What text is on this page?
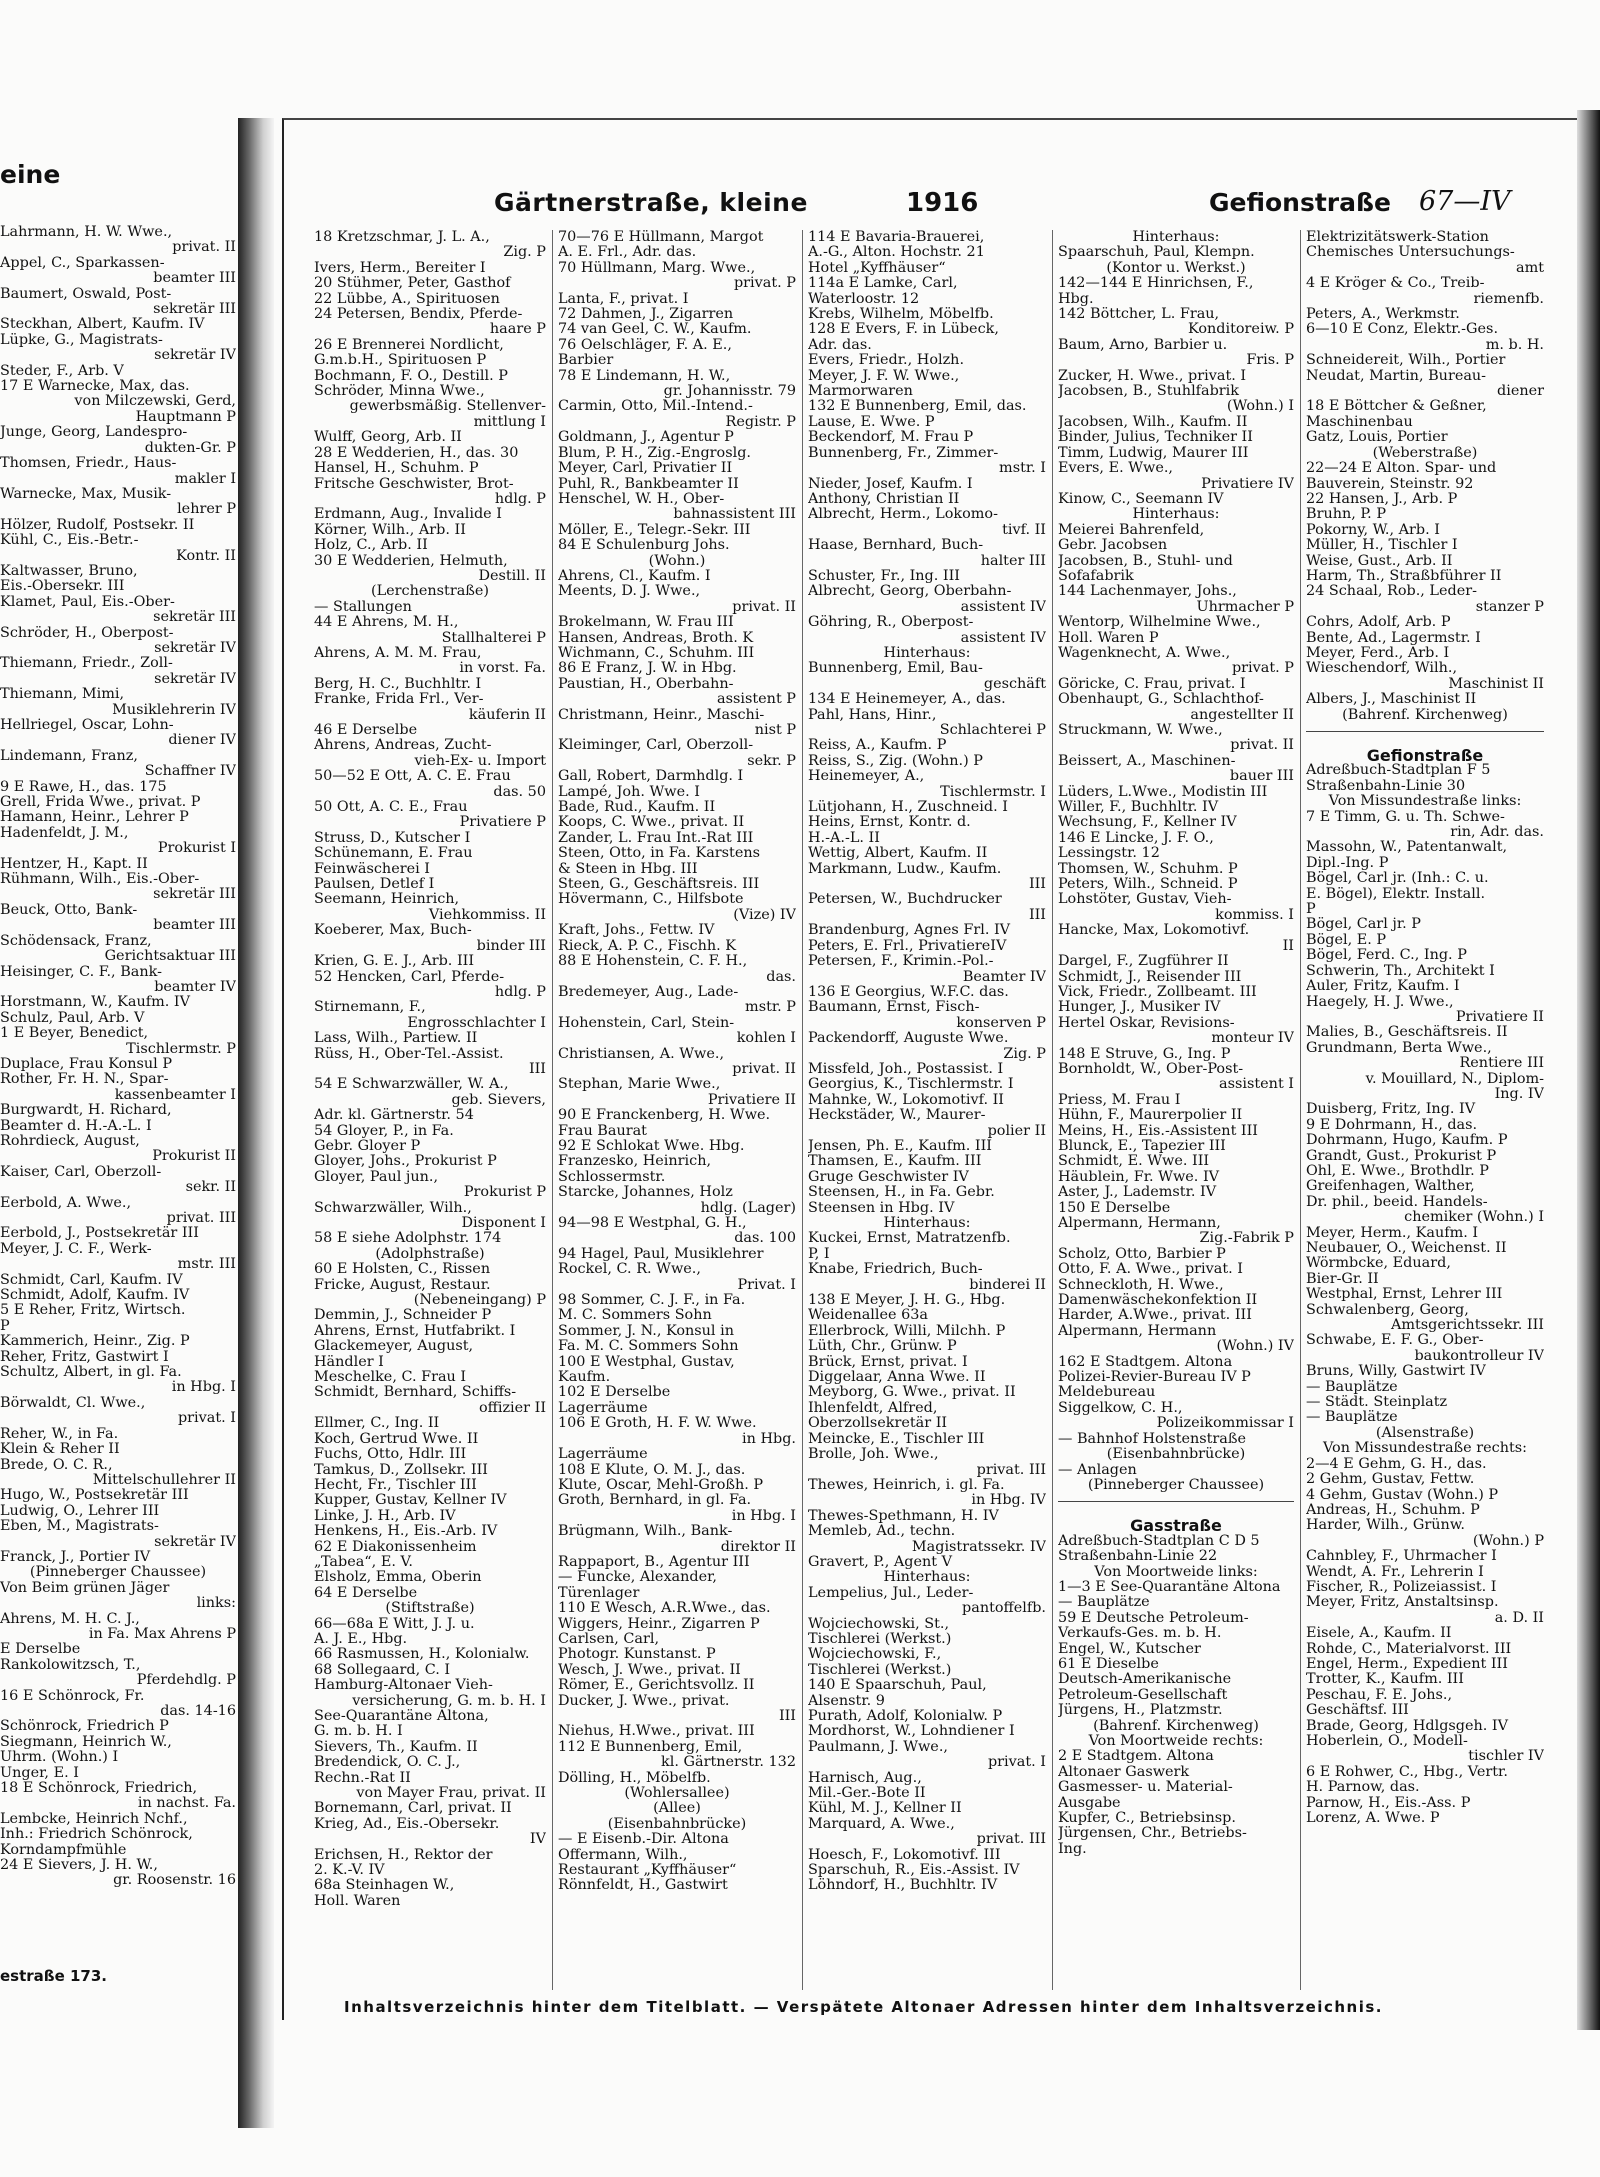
eine
Lahrmann, H. W. Wwe.,
privat. II
Appel, C., Sparkassen-
beamter III
Baumert, Oswald, Post-
sekretär III
Steckhan, Albert, Kaufm. IV
Lüpke, G., Magistrats-
sekretär IV
Steder, F., Arb. V
17 E Warnecke, Max, das.
von Milczewski, Gerd,
Hauptmann P
Junge, Georg, Landespro-
dukten-Gr. P
Thomsen, Friedr., Haus-
makler I
Warnecke, Max, Musik-
lehrer P
Hölzer, Rudolf, Postsekr. II
Kühl, C., Eis.-Betr.-
Kontr. II
Kaltwasser, Bruno,
Eis.-Obersekr. III
Klamet, Paul, Eis.-Ober-
sekretär III
Schröder, H., Oberpost-
sekretär IV
Thiemann, Friedr., Zoll-
sekretär IV
Thiemann, Mimi,
Musiklehrerin IV
Hellriegel, Oscar, Lohn-
diener IV
Lindemann, Franz,
Schaffner IV
9 E Rawe, H., das. 175
Grell, Frida Wwe., privat. P
Hamann, Heinr., Lehrer P
Hadenfeldt, J. M.,
Prokurist I
Hentzer, H., Kapt. II
Rühmann, Wilh., Eis.-Ober-
sekretär III
Beuck, Otto, Bank-
beamter III
Schödensack, Franz,
Gerichtsaktuar III
Heisinger, C. F., Bank-
beamter IV
Horstmann, W., Kaufm. IV
Schulz, Paul, Arb. V
1 E Beyer, Benedict,
Tischlermstr. P
Duplace, Frau Konsul P
Rother, Fr. H. N., Spar-
kassenbeamter I
Burgwardt, H. Richard,
Beamter d. H.-A.-L. I
Rohrdieck, August,
Prokurist II
Kaiser, Carl, Oberzoll-
sekr. II
Eerbold, A. Wwe.,
privat. III
Eerbold, J., Postsekretär III
Meyer, J. C. F., Werk-
mstr. III
Schmidt, Carl, Kaufm. IV
Schmidt, Adolf, Kaufm. IV
5 E Reher, Fritz, Wirtsch.
P
Kammerich, Heinr., Zig. P
Reher, Fritz, Gastwirt I
Schultz, Albert, in gl. Fa.
in Hbg. I
Börwaldt, Cl. Wwe.,
privat. I
Reher, W., in Fa.
Klein & Reher II
Brede, O. C. R.,
Mittelschullehrer II
Hugo, W., Postsekretär III
Ludwig, O., Lehrer III
Eben, M., Magistrats-
sekretär IV
Franck, J., Portier IV
(Pinneberger Chaussee)
Von Beim grünen Jäger
links:
Ahrens, M. H. C. J.,
in Fa. Max Ahrens P
E Derselbe
Rankolowitzsch, T.,
Pferdehdlg. P
16 E Schönrock, Fr.
das. 14-16
Schönrock, Friedrich P
Siegmann, Heinrich W.,
Uhrm. (Wohn.) I
Unger, E. I
18 E Schönrock, Friedrich,
in nachst. Fa.
Lembcke, Heinrich Nchf.,
Inh.: Friedrich Schönrock,
Korndampfmühle
24 E Sievers, J. H. W.,
gr. Roosenstr. 16
estraße 173.
Gärtnerstraße, kleine	1916	Gefionstraße 67—IV
18 Kretzschmar, J. L. A.,
Zig. P
Ivers, Herm., Bereiter I
20 Stühmer, Peter, Gasthof
22 Lübbe, A., Spirituosen
24 Petersen, Bendix, Pferde-
haare P
26 E Brennerei Nordlicht,
G.m.b.H., Spirituosen P
Bochmann, F. O., Destill. P
Schröder, Minna Wwe.,
gewerbsmäßig. Stellenver-
mittlung I
Wulff, Georg, Arb. II
28 E Wedderien, H., das. 30
Hansel, H., Schuhm. P
Fritsche Geschwister, Brot-
hdlg. P
Erdmann, Aug., Invalide I
Körner, Wilh., Arb. II
Holz, C., Arb. II
30 E Wedderien, Helmuth,
Destill. II
(Lerchenstraße)
— Stallungen
44 E Ahrens, M. H.,
Stallhalterei P
Ahrens, A. M. M. Frau,
in vorst. Fa.
Berg, H. C., Buchhltr. I
Franke, Frida Frl., Ver-
käuferin II
46 E Derselbe
Ahrens, Andreas, Zucht-
vieh-Ex- u. Import
50—52 E Ott, A. C. E. Frau
das. 50
50 Ott, A. C. E., Frau
Privatiere P
Struss, D., Kutscher I
Schünemann, E. Frau
Feinwäscherei I
Paulsen, Detlef I
Seemann, Heinrich,
Viehkommiss. II
Koeberer, Max, Buch-
binder III
Krien, G. E. J., Arb. III
52 Hencken, Carl, Pferde-
hdlg. P
Stirnemann, F.,
Engrosschlachter I
Lass, Wilh., Partiew. II
Rüss, H., Ober-Tel.-Assist.
III
54 E Schwarzwäller, W. A.,
geb. Sievers,
Adr. kl. Gärtnerstr. 54
54 Gloyer, P., in Fa.
Gebr. Gloyer P
Gloyer, Johs., Prokurist P
Gloyer, Paul jun.,
Prokurist P
Schwarzwäller, Wilh.,
Disponent I
58 E siehe Adolphstr. 174
(Adolphstraße)
60 E Holsten, C., Rissen
Fricke, August, Restaur.
(Nebeneingang) P
Demmin, J., Schneider P
Ahrens, Ernst, Hutfabrikt. I
Glackemeyer, August,
Händler I
Meschelke, C. Frau I
Schmidt, Bernhard, Schiffs-
offizier II
Ellmer, C., Ing. II
Koch, Gertrud Wwe. II
Fuchs, Otto, Hdlr. III
Tamkus, D., Zollsekr. III
Hecht, Fr., Tischler III
Kupper, Gustav, Kellner IV
Linke, J. H., Arb. IV
Henkens, H., Eis.-Arb. IV
62 E Diakonissenheim
„Tabea“, E. V.
Elsholz, Emma, Oberin
64 E Derselbe
(Stiftstraße)
66—68a E Witt, J. J. u.
A. J. E., Hbg.
66 Rasmussen, H., Kolonialw.
68 Sollegaard, C. I
Hamburg-Altonaer Vieh-
versicherung, G. m. b. H. I
See-Quarantäne Altona,
G. m. b. H. I
Sievers, Th., Kaufm. II
Bredendick, O. C. J.,
Rechn.-Rat II
von Mayer Frau, privat. II
Bornemann, Carl, privat. II
Krieg, Ad., Eis.-Obersekr.
IV
Erichsen, H., Rektor der
2. K.-V. IV
68a Steinhagen W.,
Holl. Waren
70—76 E Hüllmann, Margot
A. E. Frl., Adr. das.
70 Hüllmann, Marg. Wwe.,
privat. P
Lanta, F., privat. I
72 Dahmen, J., Zigarren
74 van Geel, C. W., Kaufm.
76 Oelschläger, F. A. E.,
Barbier
78 E Lindemann, H. W.,
gr. Johannisstr. 79
Carmin, Otto, Mil.-Intend.-
Registr. P
Goldmann, J., Agentur P
Blum, P. H., Zig.-Engroslg.
Meyer, Carl, Privatier II
Puhl, R., Bankbeamter II
Henschel, W. H., Ober-
bahnassistent III
Möller, E., Telegr.-Sekr. III
84 E Schulenburg Johs.
(Wohn.)
Ahrens, Cl., Kaufm. I
Meents, D. J. Wwe.,
privat. II
Brokelmann, W. Frau III
Hansen, Andreas, Broth. K
Wichmann, C., Schuhm. III
86 E Franz, J. W. in Hbg.
Paustian, H., Oberbahn-
assistent P
Christmann, Heinr., Maschi-
nist P
Kleiminger, Carl, Oberzoll-
sekr. P
Gall, Robert, Darmhdlg. I
Lampé, Joh. Wwe. I
Bade, Rud., Kaufm. II
Koops, C. Wwe., privat. II
Zander, L. Frau Int.-Rat III
Steen, Otto, in Fa. Karstens
& Steen in Hbg. III
Steen, G., Geschäftsreis. III
Hövermann, C., Hilfsbote
(Vize) IV
Kraft, Johs., Fettw. IV
Rieck, A. P. C., Fischh. K
88 E Hohenstein, C. F. H.,
das.
Bredemeyer, Aug., Lade-
mstr. P
Hohenstein, Carl, Stein-
kohlen I
Christiansen, A. Wwe.,
privat. II
Stephan, Marie Wwe.,
Privatiere II
90 E Franckenberg, H. Wwe.
Frau Baurat
92 E Schlokat Wwe. Hbg.
Franzesko, Heinrich,
Schlossermstr.
Starcke, Johannes, Holz
hdlg. (Lager)
94—98 E Westphal, G. H.,
das. 100
94 Hagel, Paul, Musiklehrer
Rockel, C. R. Wwe.,
Privat. I
98 Sommer, C. J. F., in Fa.
M. C. Sommers Sohn
Sommer, J. N., Konsul in
Fa. M. C. Sommers Sohn
100 E Westphal, Gustav,
Kaufm.
102 E Derselbe
Lagerräume
106 E Groth, H. F. W. Wwe.
in Hbg.
Lagerräume
108 E Klute, O. M. J., das.
Klute, Oscar, Mehl-Großh. P
Groth, Bernhard, in gl. Fa.
in Hbg. I
Brügmann, Wilh., Bank-
direktor II
Rappaport, B., Agentur III
— Funcke, Alexander,
Türenlager
110 E Wesch, A.R.Wwe., das.
Wiggers, Heinr., Zigarren P
Carlsen, Carl,
Photogr. Kunstanst. P
Wesch, J. Wwe., privat. II
Römer, E., Gerichtsvollz. II
Ducker, J. Wwe., privat.
III
Niehus, H.Wwe., privat. III
112 E Bunnenberg, Emil,
kl. Gärtnerstr. 132
Dölling, H., Möbelfb.
(Wohlersallee)
(Allee)
(Eisenbahnbrücke)
— E Eisenb.-Dir. Altona
Offermann, Wilh.,
Restaurant „Kyffhäuser“
Rönnfeldt, H., Gastwirt
114 E Bavaria-Brauerei,
A.-G., Alton. Hochstr. 21
Hotel „Kyffhäuser“
114a E Lamke, Carl,
Waterloostr. 12
Krebs, Wilhelm, Möbelfb.
128 E Evers, F. in Lübeck,
Adr. das.
Evers, Friedr., Holzh.
Meyer, J. F. W. Wwe.,
Marmorwaren
132 E Bunnenberg, Emil, das.
Lause, E. Wwe. P
Beckendorf, M. Frau P
Bunnenberg, Fr., Zimmer-
mstr. I
Nieder, Josef, Kaufm. I
Anthony, Christian II
Albrecht, Herm., Lokomo-
tivf. II
Haase, Bernhard, Buch-
halter III
Schuster, Fr., Ing. III
Albrecht, Georg, Oberbahn-
assistent IV
Göhring, R., Oberpost-
assistent IV
Hinterhaus:
Bunnenberg, Emil, Bau-
geschäft
134 E Heinemeyer, A., das.
Pahl, Hans, Hinr.,
Schlachterei P
Reiss, A., Kaufm. P
Reiss, S., Zig. (Wohn.) P
Heinemeyer, A.,
Tischlermstr. I
Lütjohann, H., Zuschneid. I
Heins, Ernst, Kontr. d.
H.-A.-L. II
Wettig, Albert, Kaufm. II
Markmann, Ludw., Kaufm.
III
Petersen, W., Buchdrucker
III
Brandenburg, Agnes Frl. IV
Peters, E. Frl., PrivatiereIV
Petersen, F., Krimin.-Pol.-
Beamter IV
136 E Georgius, W.F.C. das.
Baumann, Ernst, Fisch-
konserven P
Packendorff, Auguste Wwe.
Zig. P
Missfeld, Joh., Postassist. I
Georgius, K., Tischlermstr. I
Mahnke, W., Lokomotivf. II
Heckstäder, W., Maurer-
polier II
Jensen, Ph. E., Kaufm. III
Thamsen, E., Kaufm. III
Gruge Geschwister IV
Steensen, H., in Fa. Gebr.
Steensen in Hbg. IV
Hinterhaus:
Kuckei, Ernst, Matratzenfb.
P, I
Knabe, Friedrich, Buch-
binderei II
138 E Meyer, J. H. G., Hbg.
Weidenallee 63a
Ellerbrock, Willi, Milchh. P
Lüth, Chr., Grünw. P
Brück, Ernst, privat. I
Diggelaar, Anna Wwe. II
Meyborg, G. Wwe., privat. II
Ihlenfeldt, Alfred,
Oberzollsekretär II
Meincke, E., Tischler III
Brolle, Joh. Wwe.,
privat. III
Thewes, Heinrich, i. gl. Fa.
in Hbg. IV
Thewes-Spethmann, H. IV
Memleb, Ad., techn.
Magistratssekr. IV
Gravert, P., Agent V
Hinterhaus:
Lempelius, Jul., Leder-
pantoffelfb.
Wojciechowski, St.,
Tischlerei (Werkst.)
Wojciechowski, F.,
Tischlerei (Werkst.)
140 E Spaarschuh, Paul,
Alsenstr. 9
Purath, Adolf, Kolonialw. P
Mordhorst, W., Lohndiener I
Paulmann, J. Wwe.,
privat. I
Harnisch, Aug.,
Mil.-Ger.-Bote II
Kühl, M. J., Kellner II
Marquard, A. Wwe.,
privat. III
Hoesch, F., Lokomotivf. III
Sparschuh, R., Eis.-Assist. IV
Löhndorf, H., Buchhltr. IV
Hinterhaus:
Spaarschuh, Paul, Klempn.
(Kontor u. Werkst.)
142—144 E Hinrichsen, F.,
Hbg.
142 Böttcher, L. Frau,
Konditoreiw. P
Baum, Arno, Barbier u.
Fris. P
Zucker, H. Wwe., privat. I
Jacobsen, B., Stuhlfabrik
(Wohn.) I
Jacobsen, Wilh., Kaufm. II
Binder, Julius, Techniker II
Timm, Ludwig, Maurer III
Evers, E. Wwe.,
Privatiere IV
Kinow, C., Seemann IV
Hinterhaus:
Meierei Bahrenfeld,
Gebr. Jacobsen
Jacobsen, B., Stuhl- und
Sofafabrik
144 Lachenmayer, Johs.,
Uhrmacher P
Wentorp, Wilhelmine Wwe.,
Holl. Waren P
Wagenknecht, A. Wwe.,
privat. P
Göricke, C. Frau, privat. I
Obenhaupt, G., Schlachthof-
angestellter II
Struckmann, W. Wwe.,
privat. II
Beissert, A., Maschinen-
bauer III
Lüders, L.Wwe., Modistin III
Willer, F., Buchhltr. IV
Wechsung, F., Kellner IV
146 E Lincke, J. F. O.,
Lessingstr. 12
Thomsen, W., Schuhm. P
Peters, Wilh., Schneid. P
Lohstöter, Gustav, Vieh-
kommiss. I
Hancke, Max, Lokomotivf.
II
Dargel, F., Zugführer II
Schmidt, J., Reisender III
Vick, Friedr., Zollbeamt. III
Hunger, J., Musiker IV
Hertel Oskar, Revisions-
monteur IV
148 E Struve, G., Ing. P
Bornholdt, W., Ober-Post-
assistent I
Priess, M. Frau I
Hühn, F., Maurerpolier II
Meins, H., Eis.-Assistent III
Blunck, E., Tapezier III
Schmidt, E. Wwe. III
Häublein, Fr. Wwe. IV
Aster, J., Lademstr. IV
150 E Derselbe
Alpermann, Hermann,
Zig.-Fabrik P
Scholz, Otto, Barbier P
Otto, F. A. Wwe., privat. I
Schneckloth, H. Wwe.,
Damenwäschekonfektion II
Harder, A.Wwe., privat. III
Alpermann, Hermann
(Wohn.) IV
162 E Stadtgem. Altona
Polizei-Revier-Bureau IV P
Meldebureau
Siggelkow, C. H.,
Polizeikommissar I
— Bahnhof Holstenstraße
(Eisenbahnbrücke)
— Anlagen
(Pinneberger Chaussee)
Gasstraße
Adreßbuch-Stadtplan C D 5
Straßenbahn-Linie 22
Von Moortweide links:
1—3 E See-Quarantäne Altona
— Bauplätze
59 E Deutsche Petroleum-
Verkaufs-Ges. m. b. H.
Engel, W., Kutscher
61 E Dieselbe
Deutsch-Amerikanische
Petroleum-Gesellschaft
Jürgens, H., Platzmstr.
(Bahrenf. Kirchenweg)
Von Moortweide rechts:
2 E Stadtgem. Altona
Altonaer Gaswerk
Gasmesser- u. Material-
Ausgabe
Kupfer, C., Betriebsinsp.
Jürgensen, Chr., Betriebs-
Ing.
Elektrizitätswerk-Station
Chemisches Untersuchungs-
amt
4 E Kröger & Co., Treib-
riemenfb.
Peters, A., Werkmstr.
6—10 E Conz, Elektr.-Ges.
m. b. H.
Schneidereit, Wilh., Portier
Neudat, Martin, Bureau-
diener
18 E Böttcher & Geßner,
Maschinenbau
Gatz, Louis, Portier
(Weberstraße)
22—24 E Alton. Spar- und
Bauverein, Steinstr. 92
22 Hansen, J., Arb. P
Bruhn, P. P
Pokorny, W., Arb. I
Müller, H., Tischler I
Weise, Gust., Arb. II
Harm, Th., Straßbführer II
24 Schaal, Rob., Leder-
stanzer P
Cohrs, Adolf, Arb. P
Bente, Ad., Lagermstr. I
Meyer, Ferd., Arb. I
Wieschendorf, Wilh.,
Maschinist II
Albers, J., Maschinist II
(Bahrenf. Kirchenweg)
Gefionstraße
Adreßbuch-Stadtplan F 5
Straßenbahn-Linie 30
Von Missundestraße links:
7 E Timm, G. u. Th. Schwe-
rin, Adr. das.
Massohn, W., Patentanwalt,
Dipl.-Ing. P
Bögel, Carl jr. (Inh.: C. u.
E. Bögel), Elektr. Install.
P
Bögel, Carl jr. P
Bögel, E. P
Bögel, Ferd. C., Ing. P
Schwerin, Th., Architekt I
Auler, Fritz, Kaufm. I
Haegely, H. J. Wwe.,
Privatiere II
Malies, B., Geschäftsreis. II
Grundmann, Berta Wwe.,
Rentiere III
v. Mouillard, N., Diplom-
Ing. IV
Duisberg, Fritz, Ing. IV
9 E Dohrmann, H., das.
Dohrmann, Hugo, Kaufm. P
Grandt, Gust., Prokurist P
Ohl, E. Wwe., Brothdlr. P
Greifenhagen, Walther,
Dr. phil., beeid. Handels-
chemiker (Wohn.) I
Meyer, Herm., Kaufm. I
Neubauer, O., Weichenst. II
Wörmbcke, Eduard,
Bier-Gr. II
Westphal, Ernst, Lehrer III
Schwalenberg, Georg,
Amtsgerichtssekr. III
Schwabe, E. F. G., Ober-
baukontrolleur IV
Bruns, Willy, Gastwirt IV
— Bauplätze
— Städt. Steinplatz
— Bauplätze
(Alsenstraße)
Von Missundestraße rechts:
2—4 E Gehm, G. H., das.
2 Gehm, Gustav, Fettw.
4 Gehm, Gustav (Wohn.) P
Andreas, H., Schuhm. P
Harder, Wilh., Grünw.
(Wohn.) P
Cahnbley, F., Uhrmacher I
Wendt, A. Fr., Lehrerin I
Fischer, R., Polizeiassist. I
Meyer, Fritz, Anstaltsinsp.
a. D. II
Eisele, A., Kaufm. II
Rohde, C., Materialvorst. III
Engel, Herm., Expedient III
Trotter, K., Kaufm. III
Peschau, F. E. Johs.,
Geschäftsf. III
Brade, Georg, Hdlgsgeh. IV
Hoberlein, O., Modell-
tischler IV
6 E Rohwer, C., Hbg., Vertr.
H. Parnow, das.
Parnow, H., Eis.-Ass. P
Lorenz, A. Wwe. P
Inhaltsverzeichnis hinter dem Titelblatt. — Verspätete Altonaer Adressen hinter dem Inhaltsverzeichnis.
